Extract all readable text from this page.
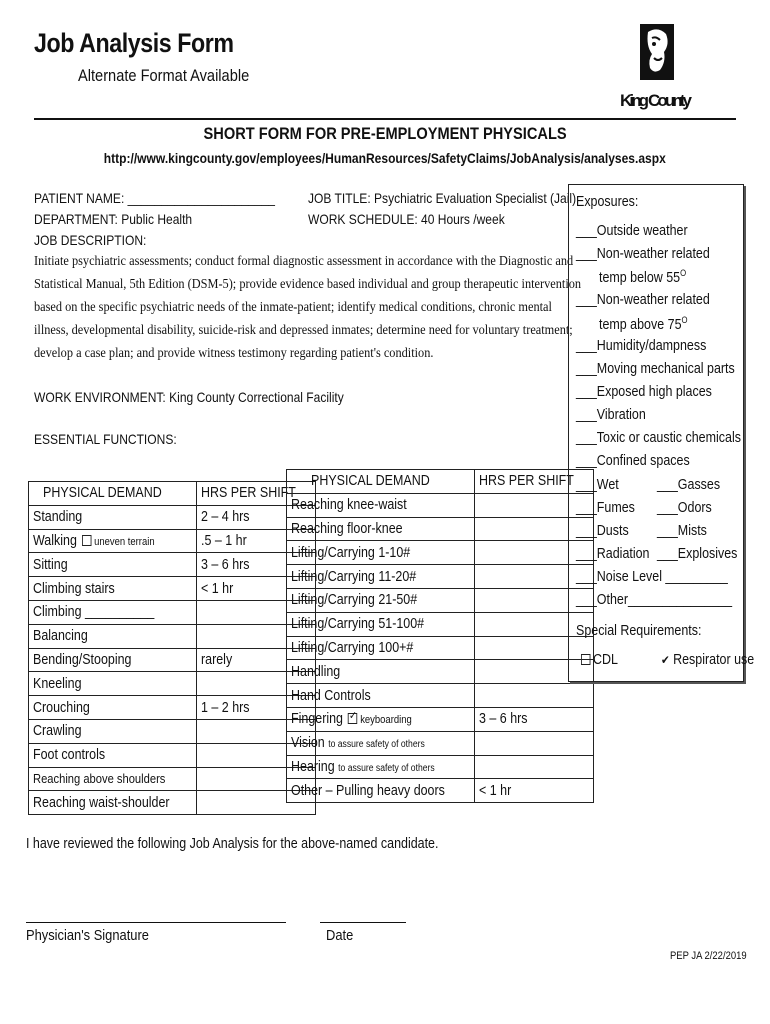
Job Analysis Form
Alternate Format Available
King County
SHORT FORM FOR PRE-EMPLOYMENT PHYSICALS
http://www.kingcounty.gov/employees/HumanResources/SafetyClaims/JobAnalysis/analyses.aspx
PATIENT NAME: ______________________
DEPARTMENT: Public Health
JOB TITLE: Psychiatric Evaluation Specialist (Jail)
WORK SCHEDULE: 40 Hours /week
JOB DESCRIPTION:
Initiate psychiatric assessments; conduct formal diagnostic assessment in accordance with the Diagnostic and
Statistical Manual, 5th Edition (DSM-5); provide evidence based individual and group therapeutic intervention
based on the specific psychiatric needs of the inmate-patient; identify medical conditions, chronic mental
illness, developmental disability, suicide-risk and depressed inmates; determine need for voluntary treatment;
develop a case plan; and provide witness testimony regarding patient's condition.
WORK ENVIRONMENT: King County Correctional Facility
ESSENTIAL FUNCTIONS:
PHYSICAL DEMAND	HRS PER SHIFT
Standing	2 – 4 hrs
Walking uneven terrain	.5 – 1 hr
Sitting	3 – 6 hrs
Climbing stairs	< 1 hr
Climbing __________	
Balancing	
Bending/Stooping	rarely
Kneeling	
Crouching	1 – 2 hrs
Crawling	
Foot controls	
Reaching above shoulders	
Reaching waist-shoulder	
PHYSICAL DEMAND	HRS PER SHIFT
Reaching knee-waist	
Reaching floor-knee	
Lifting/Carrying 1-10#	
Lifting/Carrying 11-20#	
Lifting/Carrying 21-50#	
Lifting/Carrying 51-100#	
Lifting/Carrying 100+#	
Handling	
Hand Controls	
Fingering ✓ keyboarding	3 – 6 hrs
Vision to assure safety of others	
Hearing to assure safety of others	
Other – Pulling heavy doors	< 1 hr
Exposures:
___Outside weather
___Non-weather related
temp below $55^O$
___Non-weather related
temp above $75^O$
___Humidity/dampness
___Moving mechanical parts
___Exposed high places
___Vibration
___Toxic or caustic chemicals
___Confined spaces
___Wet	___Gasses
___Fumes ___Odors
___Dusts ___Mists
___Radiation ___Explosives
___Noise Level _________
___Other_______________
Special Requirements:
CDL	✔ Respirator use
I have reviewed the following Job Analysis for the above-named candidate.
Physician's Signature	Date
PEP JA 2/22/2019
